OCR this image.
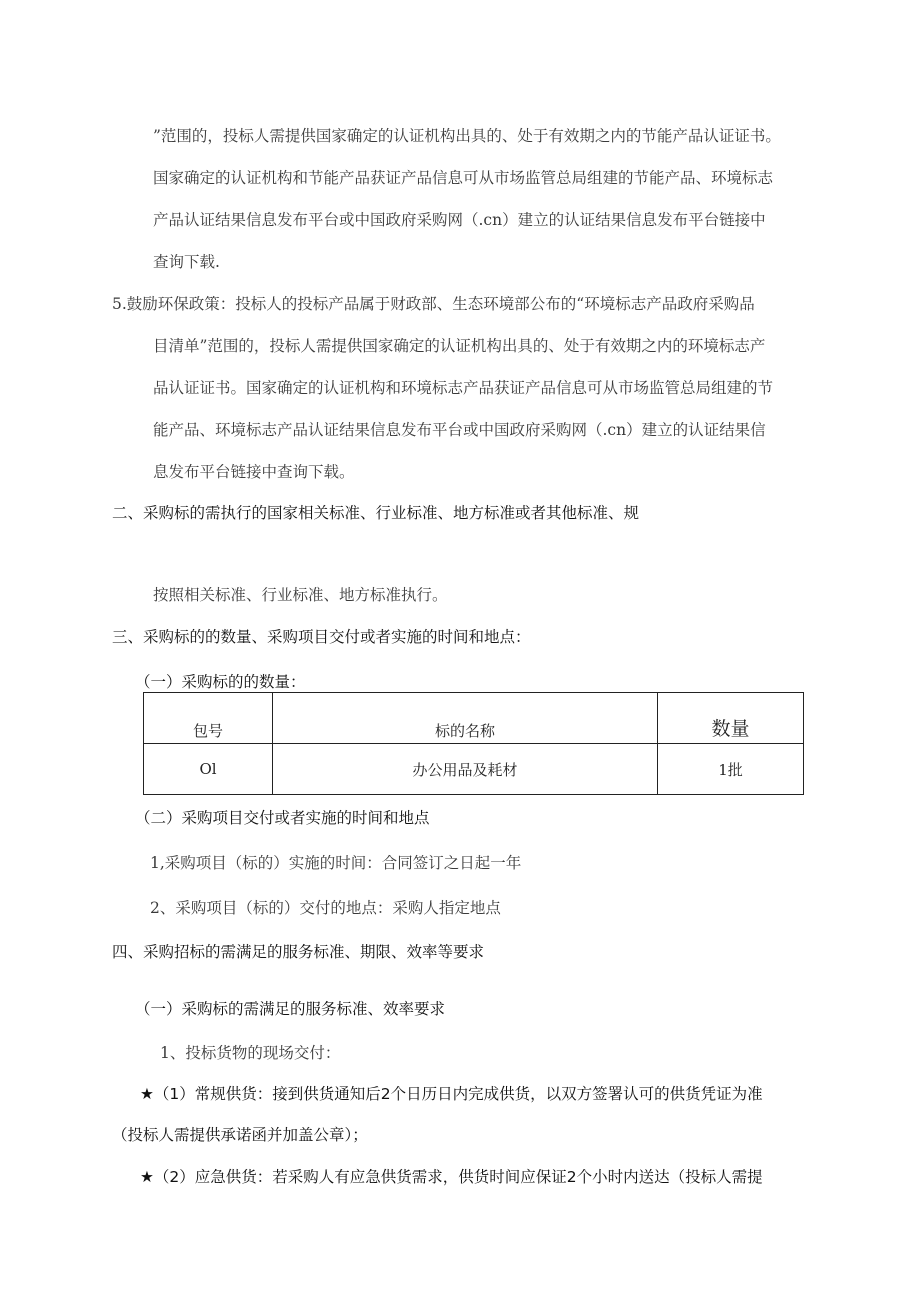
”范围的，投标人需提供国家确定的认证机构出具的、处于有效期之内的节能产品认证证书。
国家确定的认证机构和节能产品获证产品信息可从市场监管总局组建的节能产品、环境标志
产品认证结果信息发布平台或中国政府采购网（.cn）建立的认证结果信息发布平台链接中
查询下载.
5.鼓励环保政策：投标人的投标产品属于财政部、生态环境部公布的“环境标志产品政府采购品
目清单”范围的，投标人需提供国家确定的认证机构出具的、处于有效期之内的环境标志产
品认证证书。国家确定的认证机构和环境标志产品获证产品信息可从市场监管总局组建的节
能产品、环境标志产品认证结果信息发布平台或中国政府采购网（.cn）建立的认证结果信
息发布平台链接中查询下载。
二、采购标的需执行的国家相关标准、行业标准、地方标准或者其他标准、规
按照相关标准、行业标准、地方标准执行。
三、采购标的的数量、采购项目交付或者实施的时间和地点：
（一）采购标的的数量：
包号	标的名称	数量
Ol	办公用品及耗材	1批
（二）采购项目交付或者实施的时间和地点
1,采购项目（标的）实施的时间：合同签订之日起一年
2、采购项目（标的）交付的地点：采购人指定地点
四、采购招标的需满足的服务标准、期限、效率等要求
（一）采购标的需满足的服务标准、效率要求
1、投标货物的现场交付：
★（1）常规供货：接到供货通知后2个日历日内完成供货，以双方签署认可的供货凭证为准
（投标人需提供承诺函并加盖公章）；
★（2）应急供货：若采购人有应急供货需求，供货时间应保证2个小时内送达（投标人需提
